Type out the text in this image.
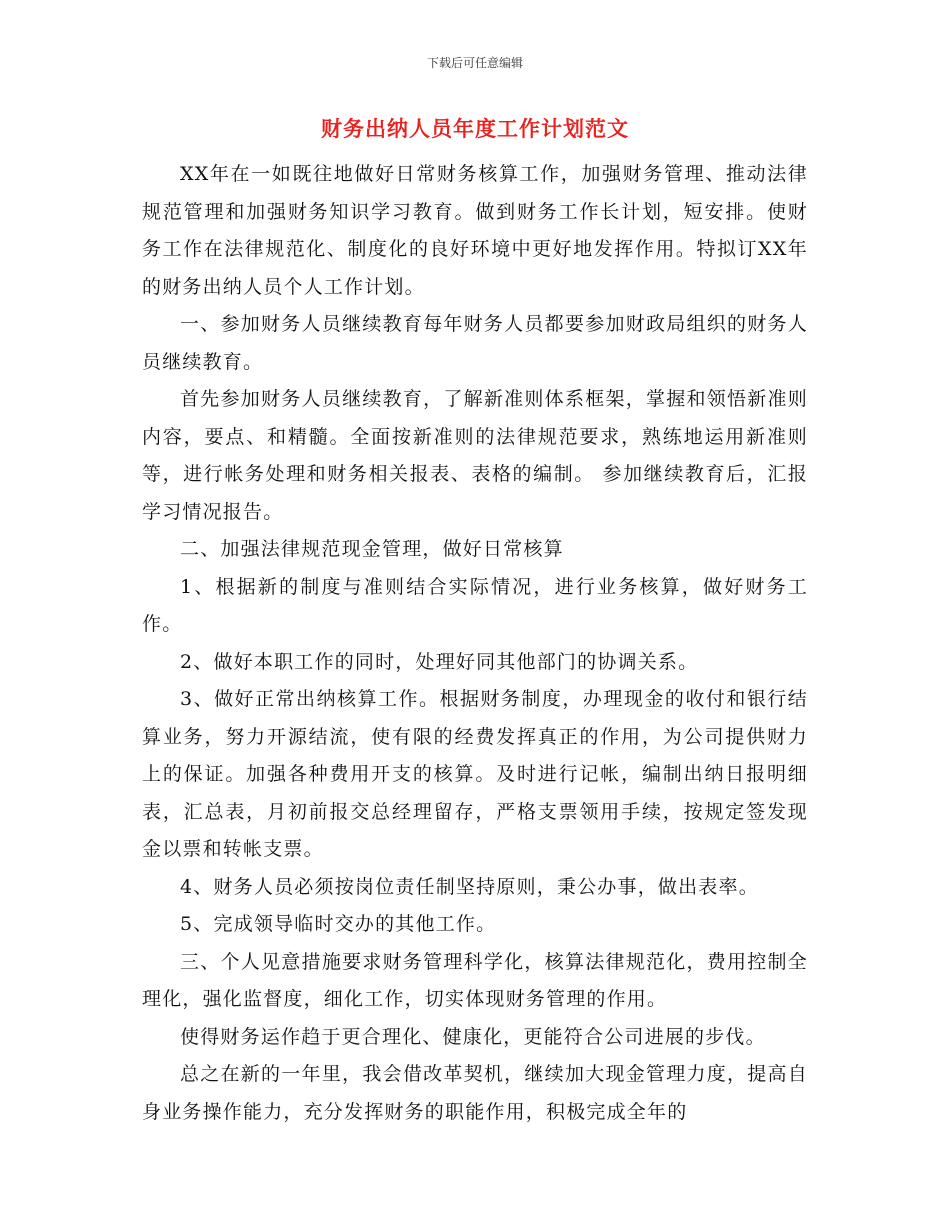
下载后可任意编辑
财务出纳人员年度工作计划范文

XX年在一如既往地做好日常财务核算工作，加强财务管理、推动法律规范管理和加强财务知识学习教育。做到财务工作长计划，短安排。使财务工作在法律规范化、制度化的良好环境中更好地发挥作用。特拟订XX年的财务出纳人员个人工作计划。

一、参加财务人员继续教育每年财务人员都要参加财政局组织的财务人员继续教育。

首先参加财务人员继续教育，了解新准则体系框架，掌握和领悟新准则内容，要点、和精髓。全面按新准则的法律规范要求，熟练地运用新准则等，进行帐务处理和财务相关报表、表格的编制。 参加继续教育后，汇报学习情况报告。

二、加强法律规范现金管理，做好日常核算

1、根据新的制度与准则结合实际情况，进行业务核算，做好财务工作。

2、做好本职工作的同时，处理好同其他部门的协调关系。

3、做好正常出纳核算工作。根据财务制度，办理现金的收付和银行结算业务，努力开源结流，使有限的经费发挥真正的作用，为公司提供财力上的保证。加强各种费用开支的核算。及时进行记帐，编制出纳日报明细表，汇总表，月初前报交总经理留存，严格支票领用手续，按规定签发现金以票和转帐支票。

4、财务人员必须按岗位责任制坚持原则，秉公办事，做出表率。

5、完成领导临时交办的其他工作。

三、个人见意措施要求财务管理科学化，核算法律规范化，费用控制全理化，强化监督度，细化工作，切实体现财务管理的作用。

使得财务运作趋于更合理化、健康化，更能符合公司进展的步伐。

总之在新的一年里，我会借改革契机，继续加大现金管理力度，提高自身业务操作能力，充分发挥财务的职能作用，积极完成全年的
